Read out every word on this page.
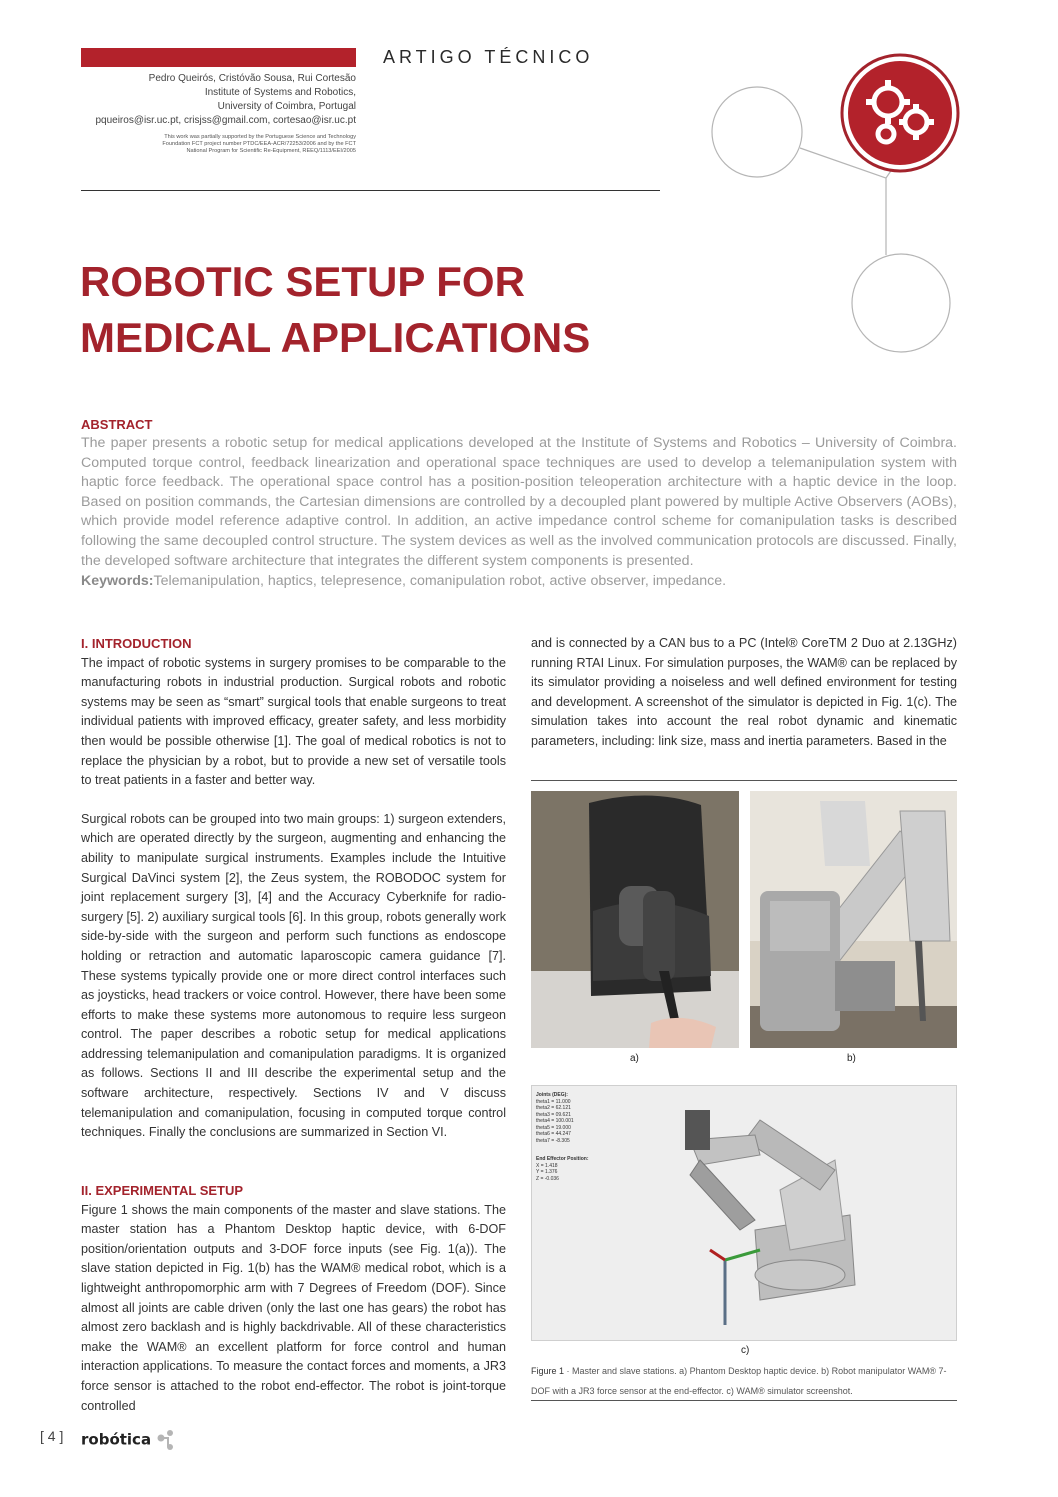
ARTIGO TÉCNICO
Pedro Queirós, Cristóvão Sousa, Rui Cortesão
Institute of Systems and Robotics,
University of Coimbra, Portugal
pqueiros@isr.uc.pt, crisjss@gmail.com, cortesao@isr.uc.pt
This work was partially supported by the Portuguese Science and Technology
Foundation FCT project number PTDC/EEA-ACR/72253/2006 and by the FCT
National Program for Scientific Re-Equipment, REEQ/1113/EEI/2005
ROBOTIC SETUP FOR
MEDICAL APPLICATIONS
ABSTRACT
The paper presents a robotic setup for medical applications developed at the Institute of Systems and Robotics – University of Coimbra. Computed torque control, feedback linearization and operational space techniques are used to develop a telemanipulation system with haptic force feedback. The operational space control has a position-position teleoperation architecture with a haptic device in the loop. Based on position commands, the Cartesian dimensions are controlled by a decoupled plant powered by multiple Active Observers (AOBs), which provide model reference adaptive control. In addition, an active impedance control scheme for comanipulation tasks is described following the same decoupled control structure. The system devices as well as the involved communication protocols are discussed. Finally, the developed software architecture that integrates the different system components is presented.
Keywords:Telemanipulation, haptics, telepresence, comanipulation robot, active observer, impedance.
I. INTRODUCTION
The impact of robotic systems in surgery promises to be comparable to the manufacturing robots in industrial production. Surgical robots and robotic systems may be seen as “smart” surgical tools that enable surgeons to treat individual patients with improved efficacy, greater safety, and less morbidity then would be possible otherwise [1]. The goal of medical robotics is not to replace the physician by a robot, but to provide a new set of versatile tools to treat patients in a faster and better way.
Surgical robots can be grouped into two main groups: 1) surgeon extenders, which are operated directly by the surgeon, augmenting and enhancing the ability to manipulate surgical instruments. Examples include the Intuitive Surgical DaVinci system [2], the Zeus system, the ROBODOC system for joint replacement surgery [3], [4] and the Accuracy Cyberknife for radio-surgery [5]. 2) auxiliary surgical tools [6]. In this group, robots generally work side-by-side with the surgeon and perform such functions as endoscope holding or retraction and automatic laparoscopic camera guidance [7]. These systems typically provide one or more direct control interfaces such as joysticks, head trackers or voice control. However, there have been some efforts to make these systems more autonomous to require less surgeon control. The paper describes a robotic setup for medical applications addressing telemanipulation and comanipulation paradigms. It is organized as follows. Sections II and III describe the experimental setup and the software architecture, respectively. Sections IV and V discuss telemanipulation and comanipulation, focusing in computed torque control techniques. Finally the conclusions are summarized in Section VI.
II. EXPERIMENTAL SETUP
Figure 1 shows the main components of the master and slave stations. The master station has a Phantom Desktop haptic device, with 6-DOF position/orientation outputs and 3-DOF force inputs (see Fig. 1(a)). The slave station depicted in Fig. 1(b) has the WAM® medical robot, which is a lightweight anthropomorphic arm with 7 Degrees of Freedom (DOF). Since almost all joints are cable driven (only the last one has gears) the robot has almost zero backlash and is highly backdrivable. All of these characteristics make the WAM® an excellent platform for force control and human interaction applications. To measure the contact forces and moments, a JR3 force sensor is attached to the robot end-effector. The robot is joint-torque controlled
and is connected by a CAN bus to a PC (Intel® CoreTM 2 Duo at 2.13GHz) running RTAI Linux. For simulation purposes, the WAM® can be replaced by its simulator providing a noiseless and well defined environment for testing and development. A screenshot of the simulator is depicted in Fig. 1(c). The simulation takes into account the real robot dynamic and kinematic parameters, including: link size, mass and inertia parameters. Based in the
a)	b)
Joints (DEG):
theta1 = 11.000
theta2 = 62.121
theta3 = 09.621
theta4 = 100.001
theta5 = 19.000
theta6 = 44.247
theta7 = -8.305
End Effector Position:
X = 1.418
Y = 1.376
Z = -0.036
c)
Figure 1 · Master and slave stations. a) Phantom Desktop haptic device. b) Robot manipulator WAM® 7-DOF with a JR3 force sensor at the end-effector. c) WAM® simulator screenshot.
[ 4 ] robótica
